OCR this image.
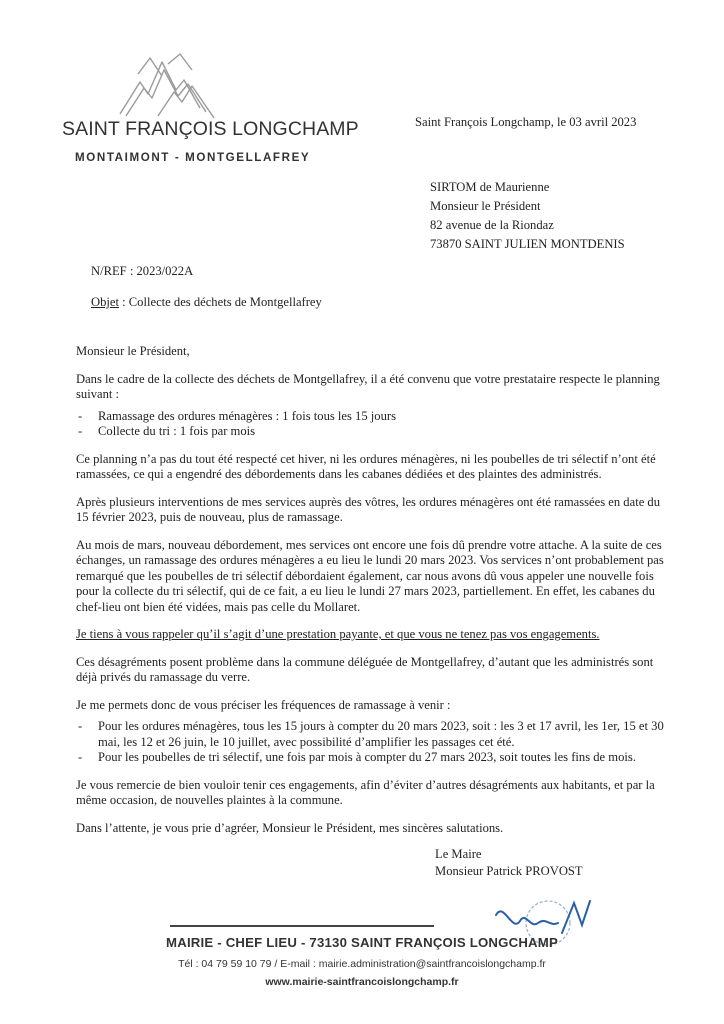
SAINT FRANÇOIS LONGCHAMP
MONTAIMONT - MONTGELLAFREY
Saint François Longchamp, le 03 avril 2023
SIRTOM de Maurienne
Monsieur le Président
82 avenue de la Riondaz
73870 SAINT JULIEN MONTDENIS
N/REF : 2023/022A
Objet : Collecte des déchets de Montgellafrey

Monsieur le Président,

Dans le cadre de la collecte des déchets de Montgellafrey, il a été convenu que votre prestataire respecte le planning suivant :

- Ramassage des ordures ménagères : 1 fois tous les 15 jours
- Collecte du tri : 1 fois par mois

Ce planning n’a pas du tout été respecté cet hiver, ni les ordures ménagères, ni les poubelles de tri sélectif n’ont été ramassées, ce qui a engendré des débordements dans les cabanes dédiées et des plaintes des administrés.

Après plusieurs interventions de mes services auprès des vôtres, les ordures ménagères ont été ramassées en date du 15 février 2023, puis de nouveau, plus de ramassage.

Au mois de mars, nouveau débordement, mes services ont encore une fois dû prendre votre attache. A la suite de ces échanges, un ramassage des ordures ménagères a eu lieu le lundi 20 mars 2023. Vos services n’ont probablement pas remarqué que les poubelles de tri sélectif débordaient également, car nous avons dû vous appeler une nouvelle fois pour la collecte du tri sélectif, qui de ce fait, a eu lieu le lundi 27 mars 2023, partiellement. En effet, les cabanes du chef-lieu ont bien été vidées, mais pas celle du Mollaret.

Je tiens à vous rappeler qu’il s’agit d’une prestation payante, et que vous ne tenez pas vos engagements.

Ces désagréments posent problème dans la commune déléguée de Montgellafrey, d’autant que les administrés sont déjà privés du ramassage du verre.

Je me permets donc de vous préciser les fréquences de ramassage à venir :

- Pour les ordures ménagères, tous les 15 jours à compter du 20 mars 2023, soit : les 3 et 17 avril, les 1er, 15 et 30 mai, les 12 et 26 juin, le 10 juillet, avec possibilité d’amplifier les passages cet été.
- Pour les poubelles de tri sélectif, une fois par mois à compter du 27 mars 2023, soit toutes les fins de mois.

Je vous remercie de bien vouloir tenir ces engagements, afin d’éviter d’autres désagréments aux habitants, et par la même occasion, de nouvelles plaintes à la commune.

Dans l’attente, je vous prie d’agréer, Monsieur le Président, mes sincères salutations.

Le Maire
Monsieur Patrick PROVOST
MAIRIE - CHEF LIEU - 73130 SAINT FRANÇOIS LONGCHAMP
Tél : 04 79 59 10 79 / E-mail : mairie.administration@saintfrancoislongchamp.fr
www.mairie-saintfrancoislongchamp.fr
